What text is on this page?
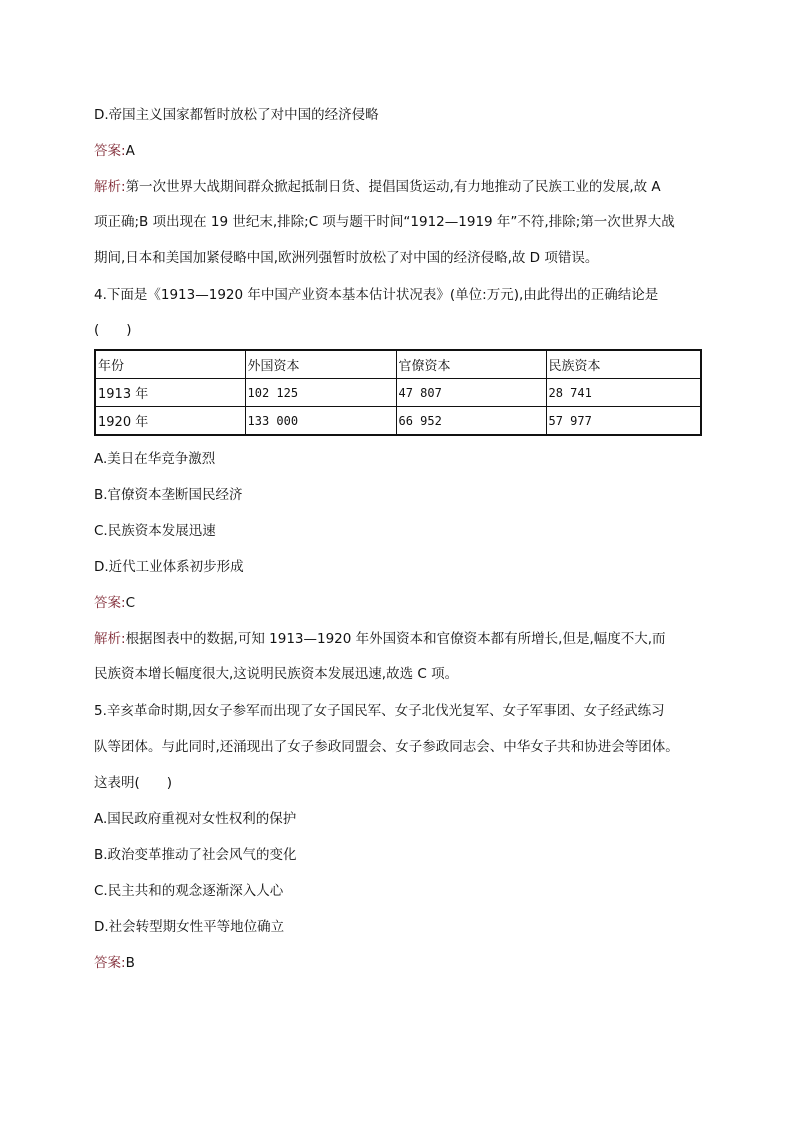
D.帝国主义国家都暂时放松了对中国的经济侵略
答案:A
解析:第一次世界大战期间群众掀起抵制日货、提倡国货运动,有力地推动了民族工业的发展,故 A
项正确;B 项出现在 19 世纪末,排除;C 项与题干时间“1912—1919 年”不符,排除;第一次世界大战
期间,日本和美国加紧侵略中国,欧洲列强暂时放松了对中国的经济侵略,故 D 项错误。
4.下面是《1913—1920 年中国产业资本基本估计状况表》(单位:万元),由此得出的正确结论是
(　　)
年份	外国资本	官僚资本	民族资本
1913 年	102 125	47 807	28 741
1920 年	133 000	66 952	57 977
A.美日在华竞争激烈
B.官僚资本垄断国民经济
C.民族资本发展迅速
D.近代工业体系初步形成
答案:C
解析:根据图表中的数据,可知 1913—1920 年外国资本和官僚资本都有所增长,但是,幅度不大,而
民族资本增长幅度很大,这说明民族资本发展迅速,故选 C 项。
5.辛亥革命时期,因女子参军而出现了女子国民军、女子北伐光复军、女子军事团、女子经武练习
队等团体。与此同时,还涌现出了女子参政同盟会、女子参政同志会、中华女子共和协进会等团体。
这表明(　　)
A.国民政府重视对女性权利的保护
B.政治变革推动了社会风气的变化
C.民主共和的观念逐渐深入人心
D.社会转型期女性平等地位确立
答案:B
